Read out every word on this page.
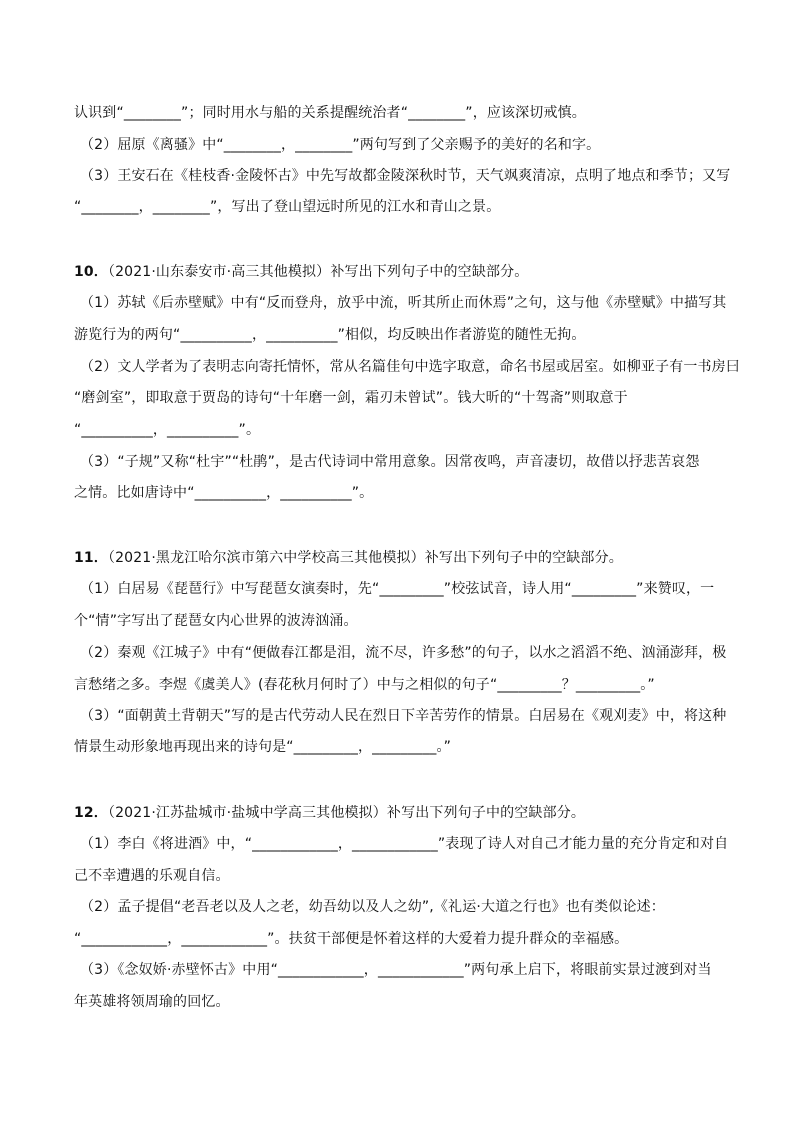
认识到“________”；同时用水与船的关系提醒统治者“________”，应该深切戒慎。
（2）屈原《离骚》中“________，________”两句写到了父亲赐予的美好的名和字。
（3）王安石在《桂枝香·金陵怀古》中先写故都金陵深秋时节，天气飒爽清凉，点明了地点和季节；又写
“________，________”，写出了登山望远时所见的江水和青山之景。
10．（2021·山东泰安市·高三其他模拟）补写出下列句子中的空缺部分。
（1）苏轼《后赤壁赋》中有“反而登舟，放乎中流，听其所止而休焉”之句，这与他《赤壁赋》中描写其
游览行为的两句“__________，__________”相似，均反映出作者游览的随性无拘。
（2）文人学者为了表明志向寄托情怀，常从名篇佳句中选字取意，命名书屋或居室。如柳亚子有一书房曰
“磨剑室”，即取意于贾岛的诗句“十年磨一剑，霜刃未曾试”。钱大昕的“十驾斋”则取意于
“__________，__________”。
（3）“子规”又称“杜宇”“杜鹃”，是古代诗词中常用意象。因常夜鸣，声音凄切，故借以抒悲苦哀怨
之情。比如唐诗中“__________，__________”。
11．（2021·黑龙江哈尔滨市第六中学校高三其他模拟）补写出下列句子中的空缺部分。
（1）白居易《琵琶行》中写琵琶女演奏时，先“_________”校弦试音，诗人用“_________”来赞叹，一
个“情”字写出了琵琶女内心世界的波涛汹涌。
（2）秦观《江城子》中有“便做春江都是泪，流不尽，许多愁”的句子，以水之滔滔不绝、汹涌澎拜，极
言愁绪之多。李煜《虞美人》(春花秋月何时了）中与之相似的句子“_________？_________。”
（3）“面朝黄土背朝天”写的是古代劳动人民在烈日下辛苦劳作的情景。白居易在《观刈麦》中，将这种
情景生动形象地再现出来的诗句是“_________，_________。”
12．（2021·江苏盐城市·盐城中学高三其他模拟）补写出下列句子中的空缺部分。
（1）李白《将进酒》中，“____________，____________”表现了诗人对自己才能力量的充分肯定和对自
己不幸遭遇的乐观自信。
（2）孟子提倡“老吾老以及人之老，幼吾幼以及人之幼”,《礼运·大道之行也》也有类似论述：
“____________，____________”。扶贫干部便是怀着这样的大爱着力提升群众的幸福感。
（3）《念奴娇·赤壁怀古》中用“____________，____________”两句承上启下，将眼前实景过渡到对当
年英雄将领周瑜的回忆。
